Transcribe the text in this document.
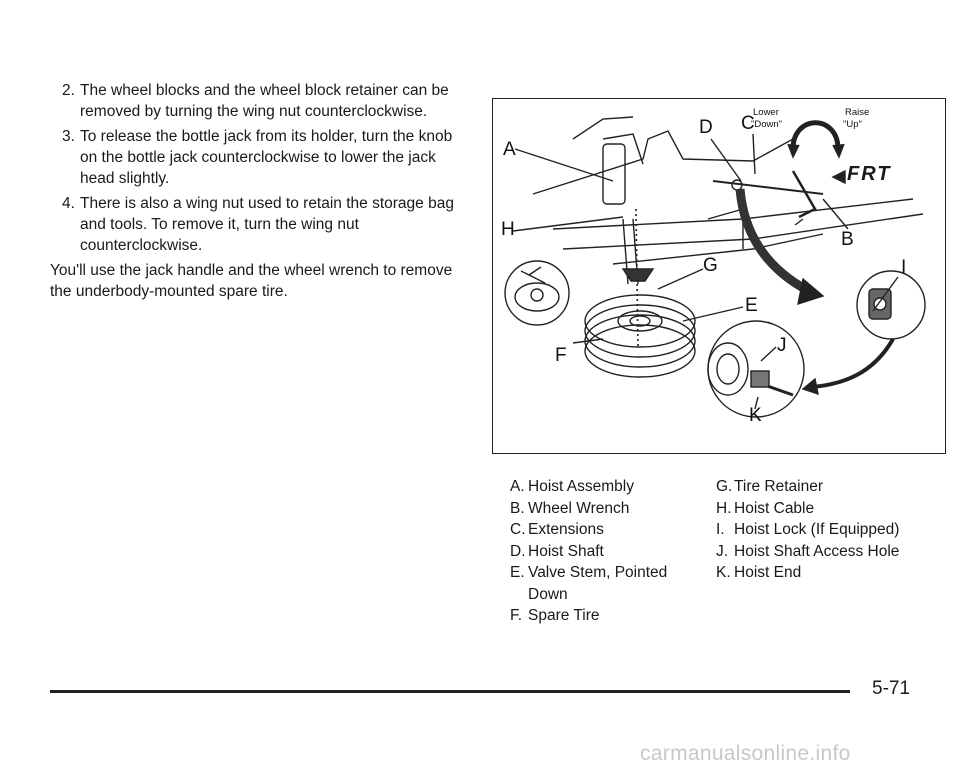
2. The wheel blocks and the wheel block retainer can be removed by turning the wing nut counterclockwise.
3. To release the bottle jack from its holder, turn the knob on the bottle jack counterclockwise to lower the jack head slightly.
4. There is also a wing nut used to retain the storage bag and tools. To remove it, turn the wing nut counterclockwise.
You'll use the jack handle and the wheel wrench to remove the underbody-mounted spare tire.
A
B
C
D
E
F
G
H
I
J
K
Lower
"Down"
Raise
"Up"
FRT
A. Hoist Assembly
B. Wheel Wrench
C. Extensions
D. Hoist Shaft
E. Valve Stem, Pointed Down
F. Spare Tire
G. Tire Retainer
H. Hoist Cable
I. Hoist Lock (If Equipped)
J. Hoist Shaft Access Hole
K. Hoist End
5-71
carmanualsonline.info
